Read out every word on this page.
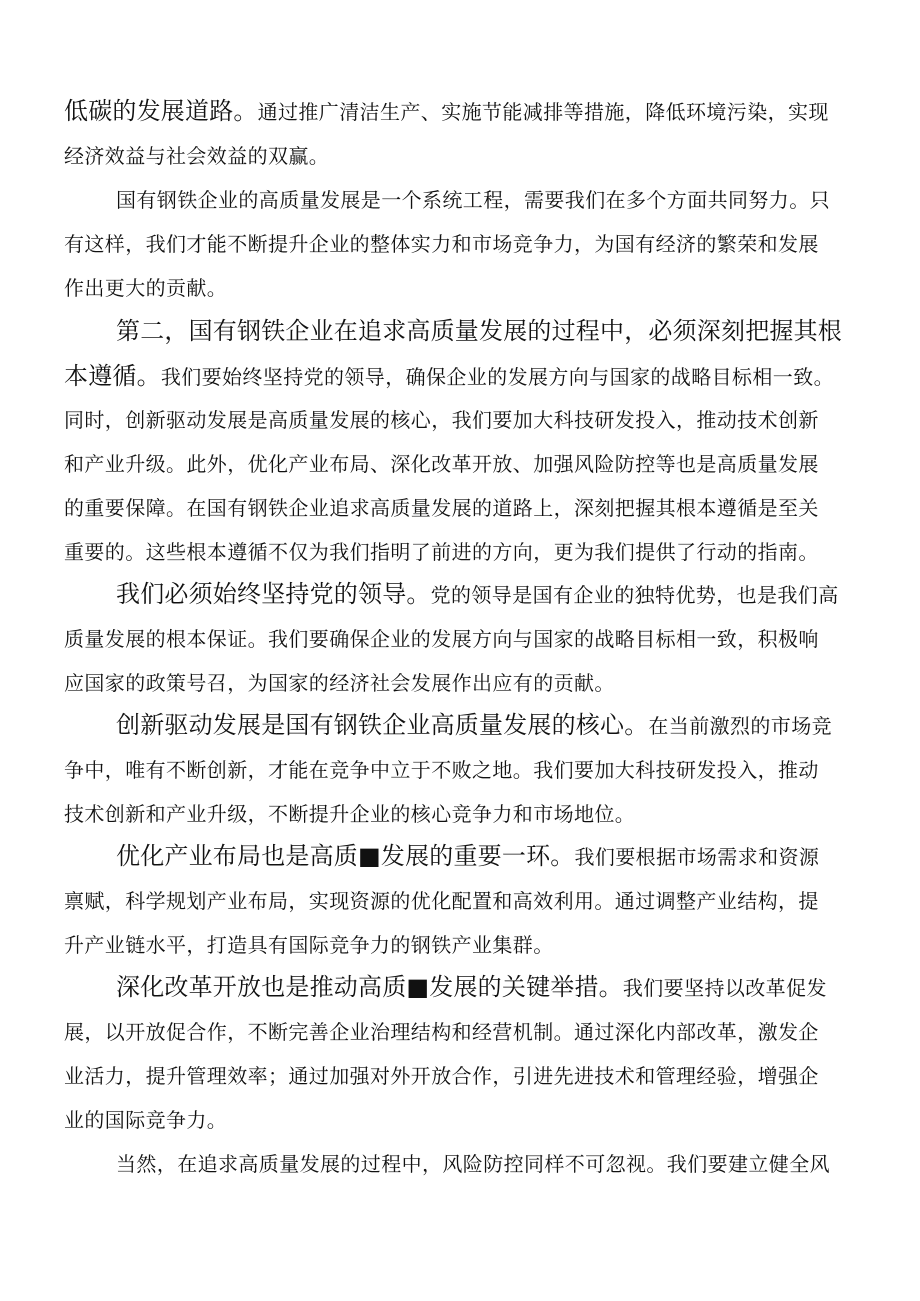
低碳的发展道路。通过推广清洁生产、实施节能减排等措施，降低环境污染，实现
经济效益与社会效益的双赢。
国有钢铁企业的高质量发展是一个系统工程，需要我们在多个方面共同努力。只
有这样，我们才能不断提升企业的整体实力和市场竞争力，为国有经济的繁荣和发展
作出更大的贡献。
第二，国有钢铁企业在追求高质量发展的过程中，必须深刻把握其根
本遵循。我们要始终坚持党的领导，确保企业的发展方向与国家的战略目标相一致。
同时，创新驱动发展是高质量发展的核心，我们要加大科技研发投入，推动技术创新
和产业升级。此外，优化产业布局、深化改革开放、加强风险防控等也是高质量发展
的重要保障。在国有钢铁企业追求高质量发展的道路上，深刻把握其根本遵循是至关
重要的。这些根本遵循不仅为我们指明了前进的方向，更为我们提供了行动的指南。
我们必须始终坚持党的领导。党的领导是国有企业的独特优势，也是我们高
质量发展的根本保证。我们要确保企业的发展方向与国家的战略目标相一致，积极响
应国家的政策号召，为国家的经济社会发展作出应有的贡献。
创新驱动发展是国有钢铁企业高质量发展的核心。在当前激烈的市场竞
争中，唯有不断创新，才能在竞争中立于不败之地。我们要加大科技研发投入，推动
技术创新和产业升级，不断提升企业的核心竞争力和市场地位。
优化产业布局也是高质■发展的重要一环。我们要根据市场需求和资源
禀赋，科学规划产业布局，实现资源的优化配置和高效利用。通过调整产业结构，提
升产业链水平，打造具有国际竞争力的钢铁产业集群。
深化改革开放也是推动高质■发展的关键举措。我们要坚持以改革促发
展，以开放促合作，不断完善企业治理结构和经营机制。通过深化内部改革，激发企
业活力，提升管理效率；通过加强对外开放合作，引进先进技术和管理经验，增强企
业的国际竞争力。
当然，在追求高质量发展的过程中，风险防控同样不可忽视。我们要建立健全风
